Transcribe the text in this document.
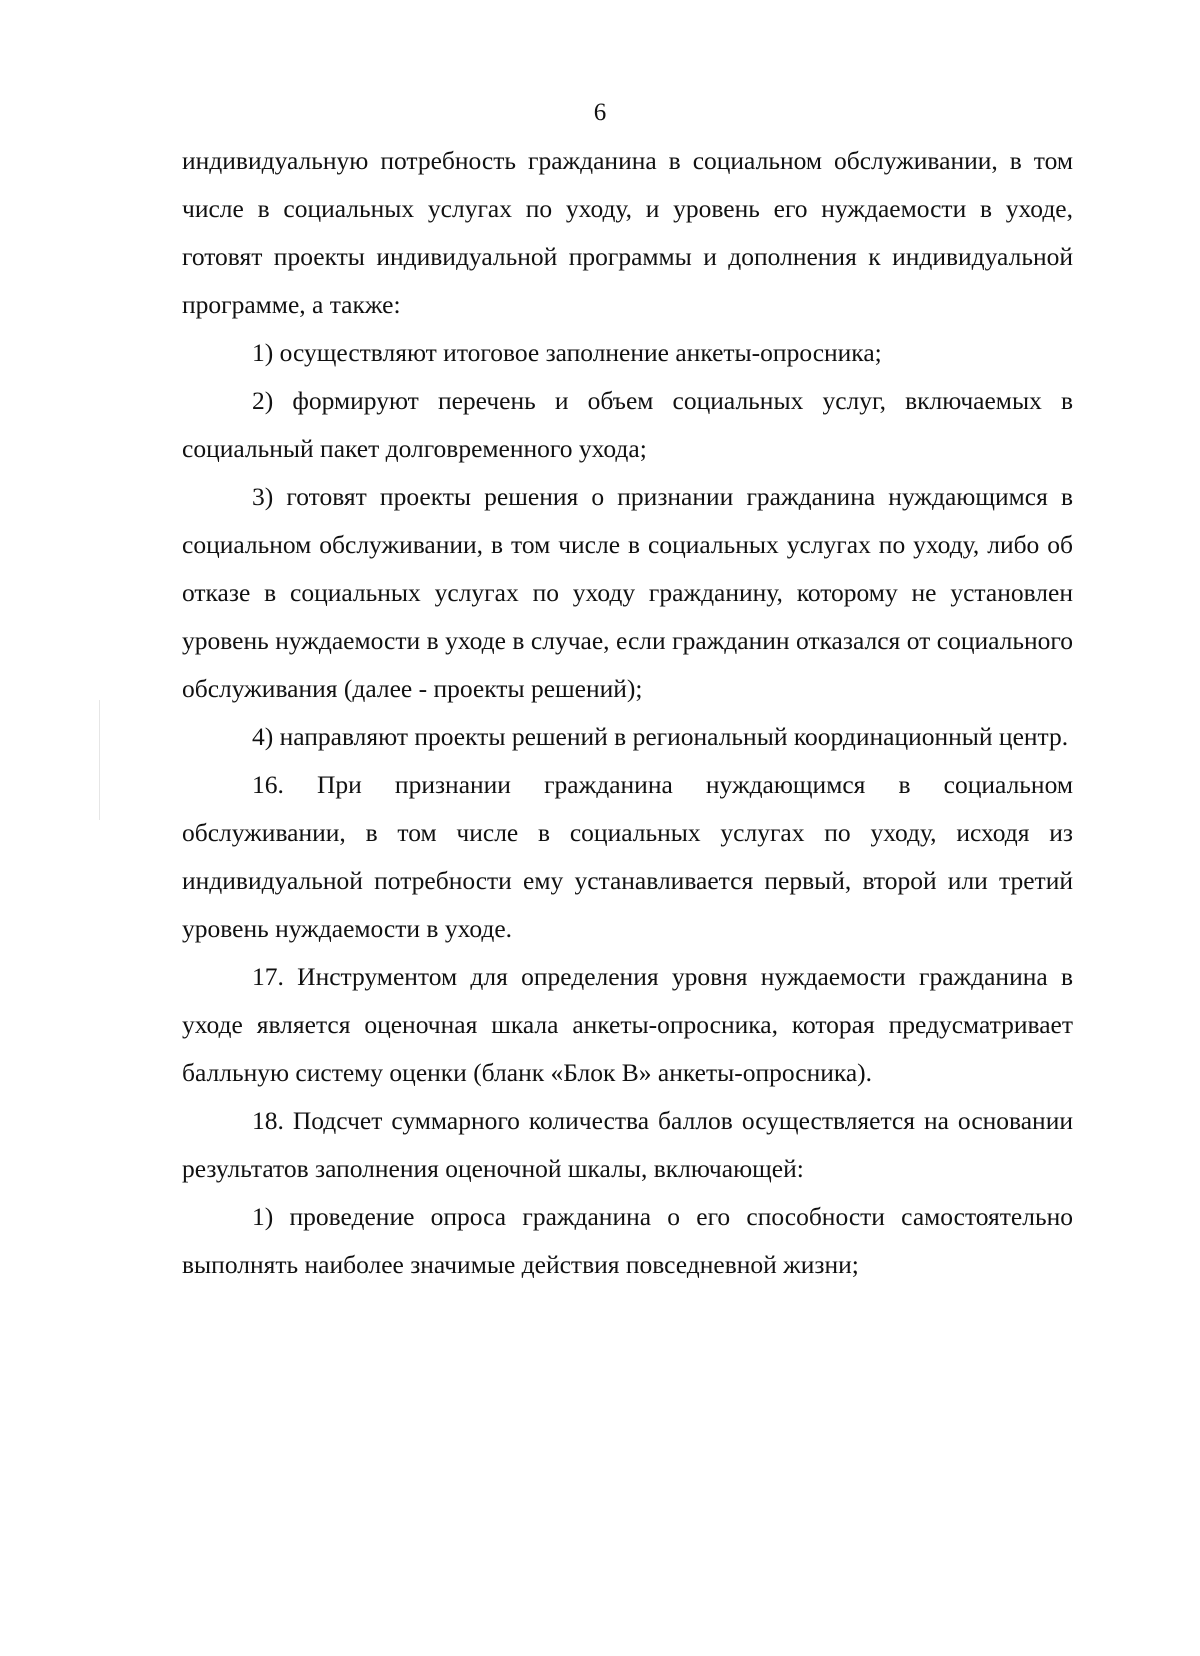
6

индивидуальную потребность гражданина в социальном обслуживании, в том числе в социальных услугах по уходу, и уровень его нуждаемости в уходе, готовят проекты индивидуальной программы и дополнения к индивидуальной программе, а также:

1) осуществляют итоговое заполнение анкеты-опросника;

2) формируют перечень и объем социальных услуг, включаемых в социальный пакет долговременного ухода;

3) готовят проекты решения о признании гражданина нуждающимся в социальном обслуживании, в том числе в социальных услугах по уходу, либо об отказе в социальных услугах по уходу гражданину, которому не установлен уровень нуждаемости в уходе в случае, если гражданин отказался от социального обслуживания (далее - проекты решений);

4) направляют проекты решений в региональный координационный центр.

16. При признании гражданина нуждающимся в социальном обслуживании, в том числе в социальных услугах по уходу, исходя из индивидуальной потребности ему устанавливается первый, второй или третий уровень нуждаемости в уходе.

17. Инструментом для определения уровня нуждаемости гражданина в уходе является оценочная шкала анкеты-опросника, которая предусматривает балльную систему оценки (бланк «Блок В» анкеты-опросника).

18. Подсчет суммарного количества баллов осуществляется на основании результатов заполнения оценочной шкалы, включающей:

1) проведение опроса гражданина о его способности самостоятельно выполнять наиболее значимые действия повседневной жизни;
